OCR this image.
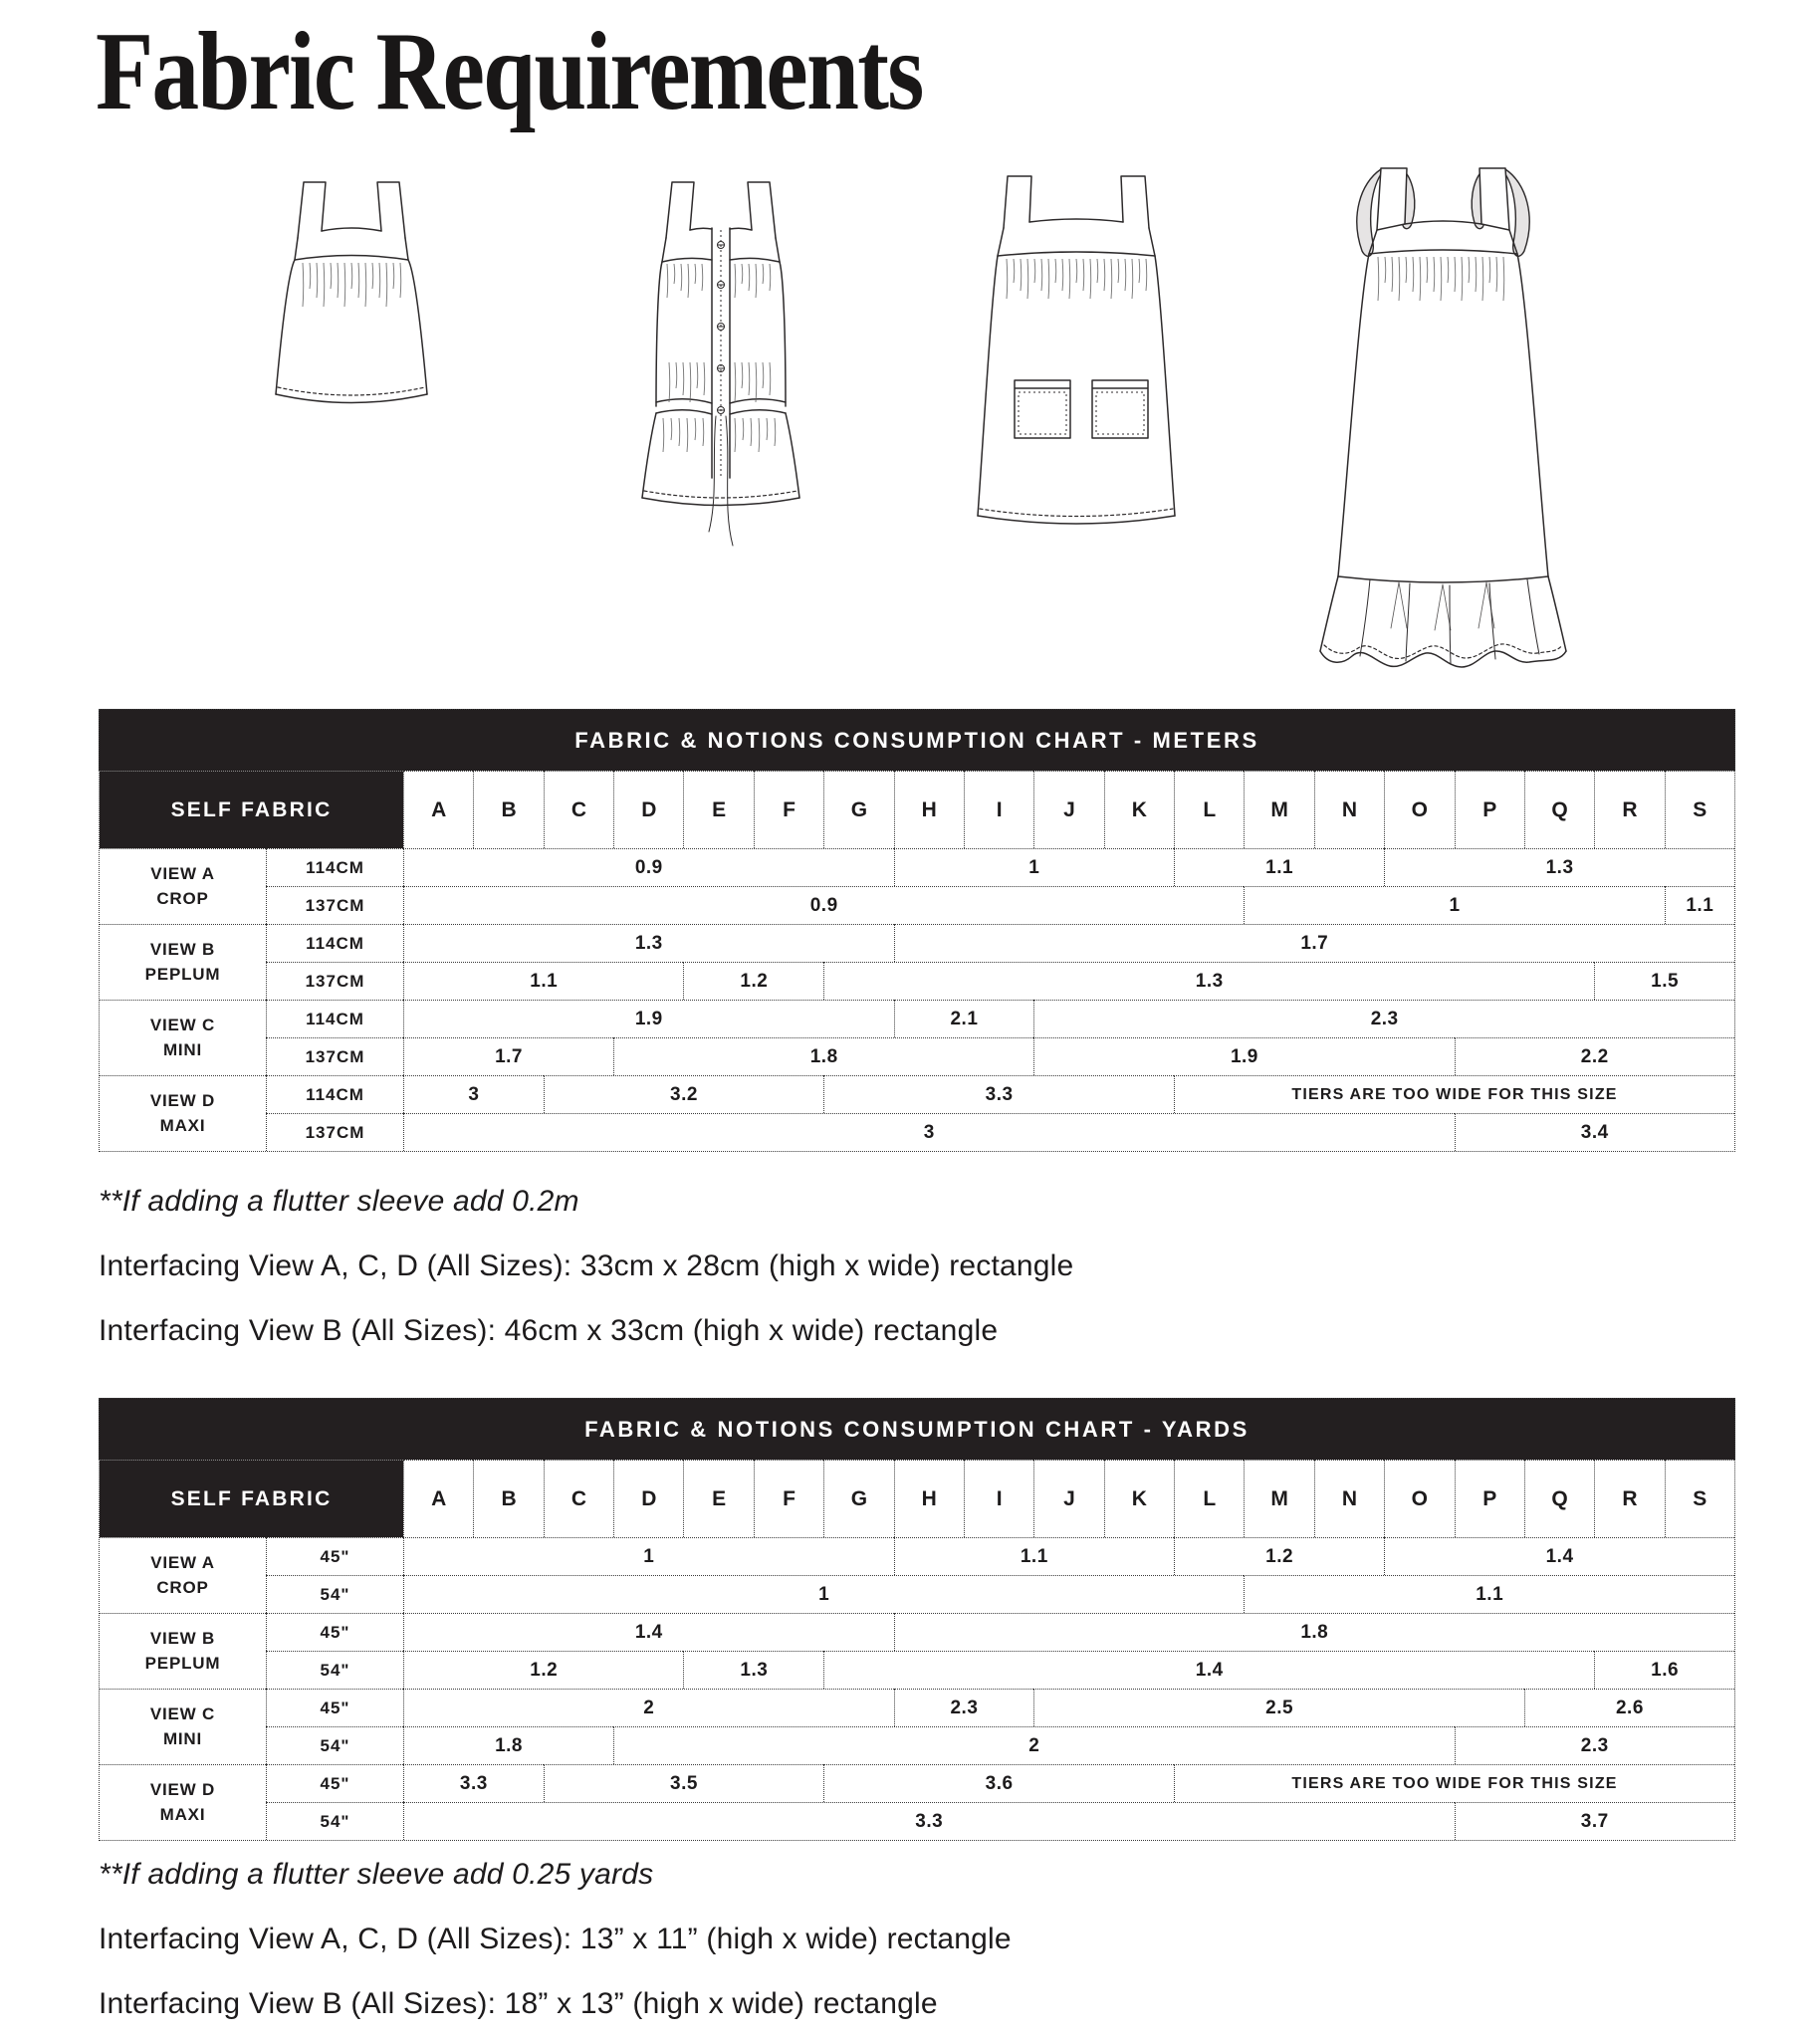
Fabric Requirements
FABRIC & NOTIONS CONSUMPTION CHART - METERS
SELF FABRIC	A	B	C	D	E	F	G	H	I	J	K	L	M	N	O	P	Q	R	S
VIEW A
CROP
114CM	0.9	1	1.1	1.3
137CM	0.9	1	1.1
VIEW B
PEPLUM
114CM	1.3	1.7
137CM	1.1	1.2	1.3	1.5
VIEW C
MINI
114CM	1.9	2.1	2.3
137CM	1.7	1.8	1.9	2.2
VIEW D
MAXI
114CM	3	3.2	3.3	TIERS ARE TOO WIDE FOR THIS SIZE
137CM	3	3.4

**If adding a flutter sleeve add 0.2m

Interfacing View A, C, D (All Sizes): 33cm x 28cm (high x wide) rectangle

Interfacing View B (All Sizes): 46cm x 33cm (high x wide) rectangle

FABRIC & NOTIONS CONSUMPTION CHART - YARDS
SELF FABRIC	A	B	C	D	E	F	G	H	I	J	K	L	M	N	O	P	Q	R	S
VIEW A
CROP
45"	1	1.1	1.2	1.4
54"	1	1.1
VIEW B
PEPLUM
45"	1.4	1.8
54"	1.2	1.3	1.4	1.6
VIEW C
MINI
45"	2	2.3	2.5	2.6
54"	1.8	2	2.3
VIEW D
MAXI
45"	3.3	3.5	3.6	TIERS ARE TOO WIDE FOR THIS SIZE
54"	3.3	3.7

**If adding a flutter sleeve add 0.25 yards

Interfacing View A, C, D (All Sizes): 13” x 11” (high x wide) rectangle

Interfacing View B (All Sizes): 18” x 13” (high x wide) rectangle
